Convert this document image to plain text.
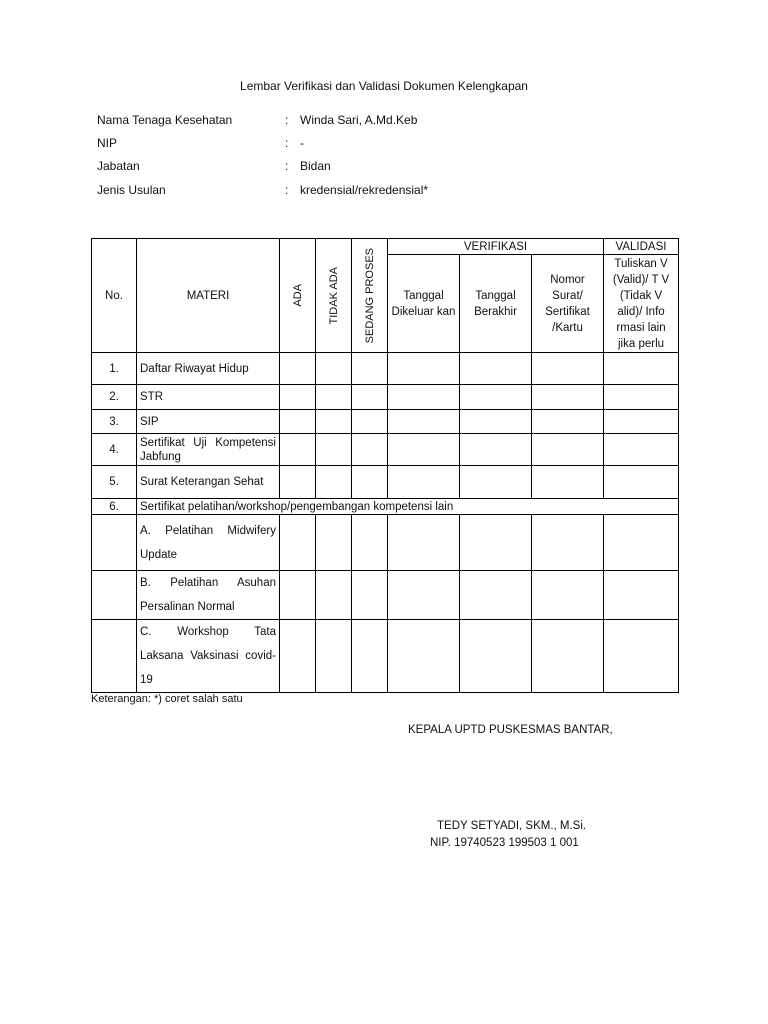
Lembar Verifikasi dan Validasi Dokumen Kelengkapan
Nama Tenaga Kesehatan	: Winda Sari, A.Md.Keb
NIP	: -
Jabatan	: Bidan
Jenis Usulan	: kredensial/rekredensial*
No.	MATERI	ADA	TIDAK ADA	SEDANG PROSES	VERIFIKASI			VALIDASI
					Tanggal Dikeluar kan	Tanggal Berakhir	Nomor Surat/ Sertifikat /Kartu	Tuliskan V (Valid)/ T V (Tidak V alid)/ Info rmasi lain jika perlu
1.	Daftar Riwayat Hidup							
2.	STR							
3.	SIP							
4.	Sertifikat Uji Kompetensi Jabfung							
5.	Surat Keterangan Sehat							
6.	Sertifikat pelatihan/workshop/pengembangan kompetensi lain							
	A. Pelatihan Midwifery Update							
	B. Pelatihan Asuhan Persalinan Normal							
	C. Workshop Tata Laksana Vaksinasi covid-19							
Keterangan: *) coret salah satu
KEPALA UPTD PUSKESMAS BANTAR,
TEDY SETYADI, SKM., M.Si.
NIP. 19740523 199503 1 001
